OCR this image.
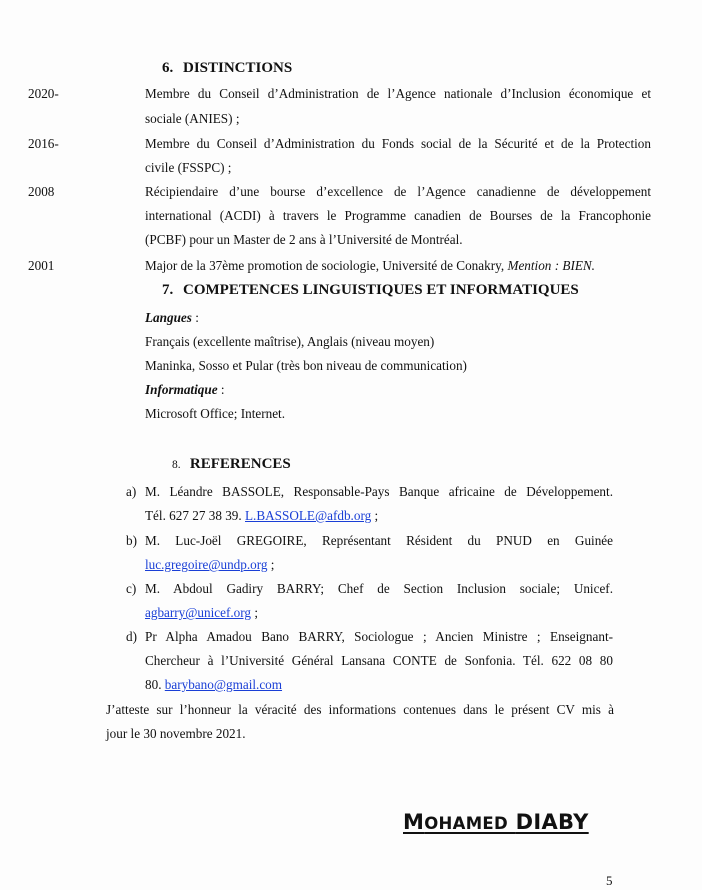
6. DISTINCTIONS
2020-	Membre du Conseil d’Administration de l’Agence nationale d’Inclusion économique et
sociale (ANIES) ;
2016-	Membre du Conseil d’Administration du Fonds social de la Sécurité et de la Protection
civile (FSSPC) ;
2008	Récipiendaire d’une bourse d’excellence de l’Agence canadienne de développement
international (ACDI) à travers le Programme canadien de Bourses de la Francophonie
(PCBF) pour un Master de 2 ans à l’Université de Montréal.
2001	Major de la 37ème promotion de sociologie, Université de Conakry, Mention : BIEN.
7. COMPETENCES LINGUISTIQUES ET INFORMATIQUES
Langues :
Français (excellente maîtrise), Anglais (niveau moyen)
Maninka, Sosso et Pular (très bon niveau de communication)
Informatique :
Microsoft Office; Internet.
8. REFERENCES
a) M. Léandre BASSOLE, Responsable-Pays Banque africaine de Développement.
Tél. 627 27 38 39. L.BASSOLE@afdb.org ;
b) M. Luc-Joël GREGOIRE, Représentant Résident du PNUD en Guinée
luc.gregoire@undp.org ;
c) M. Abdoul Gadiry BARRY; Chef de Section Inclusion sociale; Unicef.
agbarry@unicef.org ;
d) Pr Alpha Amadou Bano BARRY, Sociologue ; Ancien Ministre ; Enseignant-
Chercheur à l’Université Général Lansana CONTE de Sonfonia. Tél. 622 08 80
80. barybano@gmail.com
J’atteste sur l’honneur la véracité des informations contenues dans le présent CV mis à
jour le 30 novembre 2021.
MOHAMED DIABY
5
